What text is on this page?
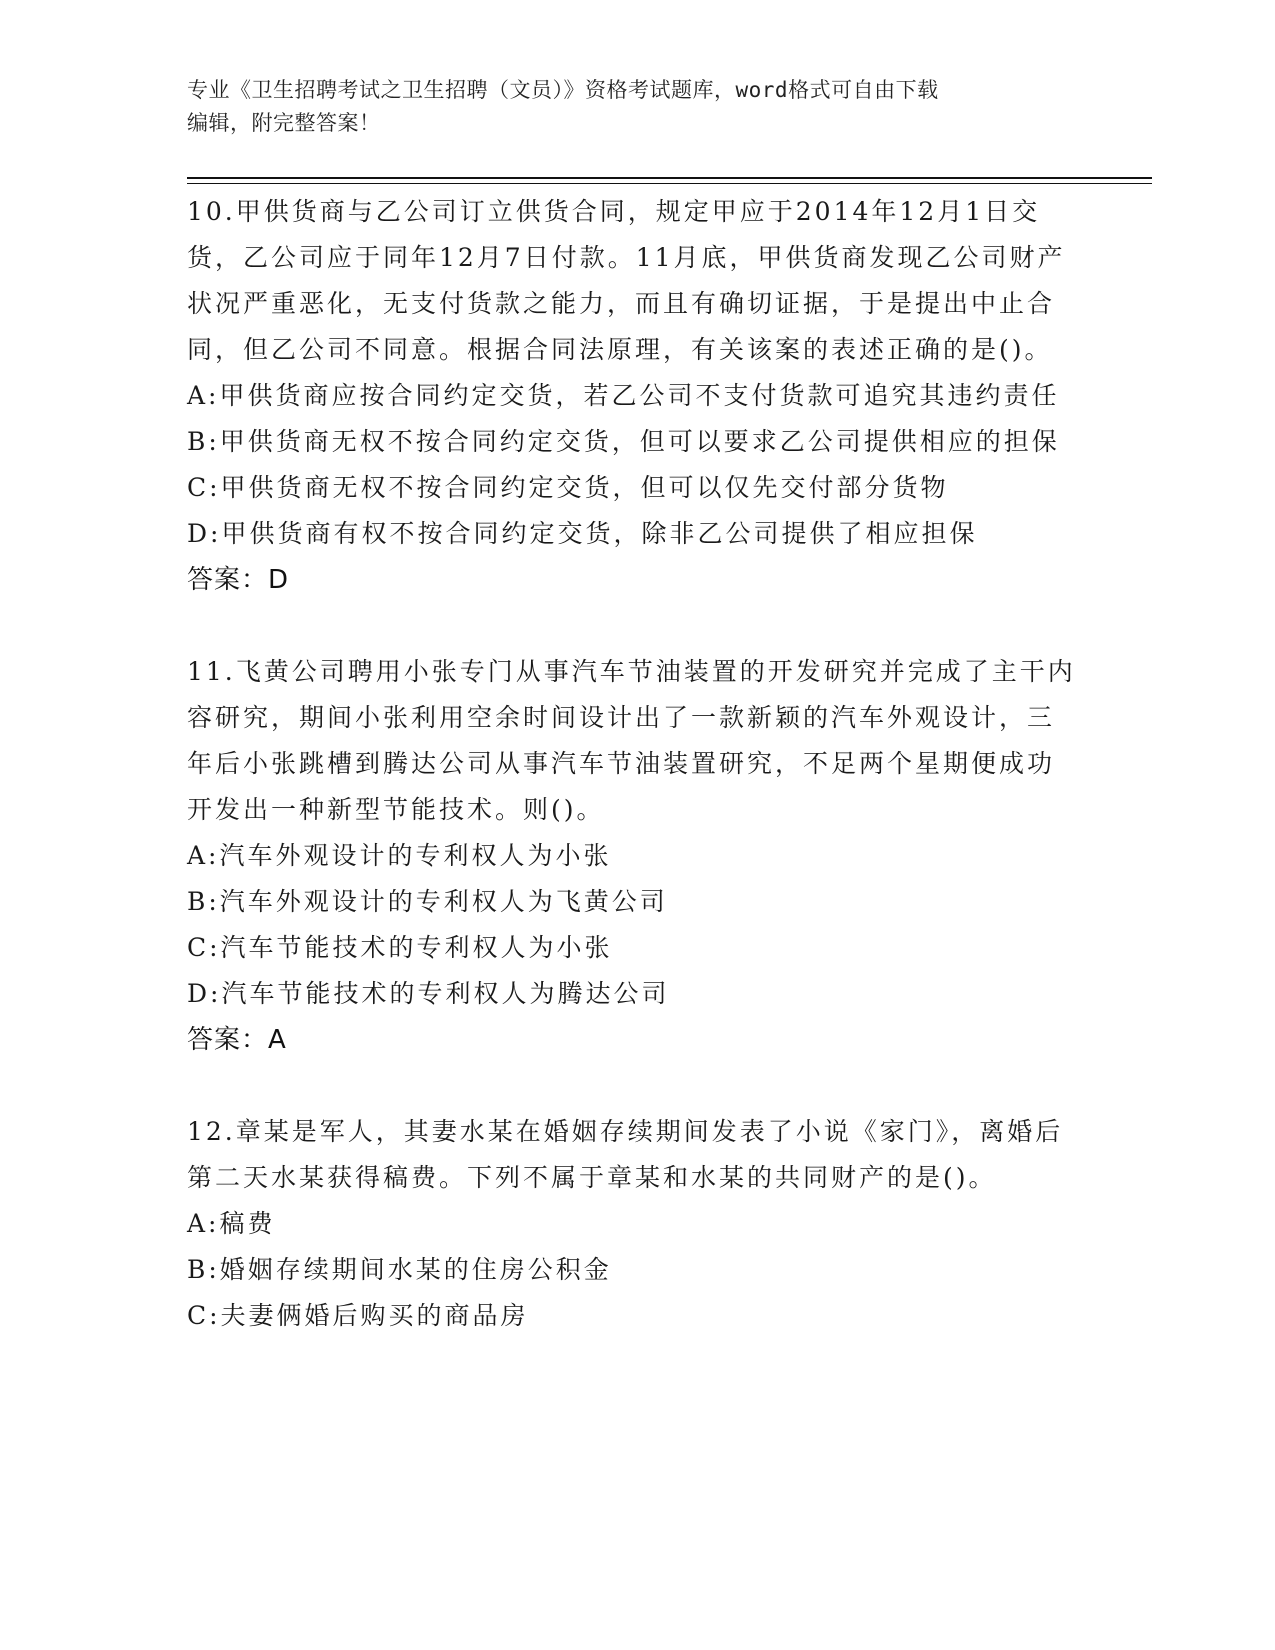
专业《卫生招聘考试之卫生招聘（文员）》资格考试题库，word格式可自由下载
编辑，附完整答案！

10.甲供货商与乙公司订立供货合同，规定甲应于2014年12月1日交货，乙公司应于同年12月7日付款。11月底，甲供货商发现乙公司财产状况严重恶化，无支付货款之能力，而且有确切证据，于是提出中止合同，但乙公司不同意。根据合同法原理，有关该案的表述正确的是()。

A:甲供货商应按合同约定交货，若乙公司不支付货款可追究其违约责任

B:甲供货商无权不按合同约定交货，但可以要求乙公司提供相应的担保

C:甲供货商无权不按合同约定交货，但可以仅先交付部分货物

D:甲供货商有权不按合同约定交货，除非乙公司提供了相应担保

答案：D

11.飞黄公司聘用小张专门从事汽车节油装置的开发研究并完成了主干内容研究，期间小张利用空余时间设计出了一款新颖的汽车外观设计，三年后小张跳槽到腾达公司从事汽车节油装置研究，不足两个星期便成功开发出一种新型节能技术。则()。

A:汽车外观设计的专利权人为小张

B:汽车外观设计的专利权人为飞黄公司

C:汽车节能技术的专利权人为小张

D:汽车节能技术的专利权人为腾达公司

答案：A

12.章某是军人，其妻水某在婚姻存续期间发表了小说《家门》，离婚后第二天水某获得稿费。下列不属于章某和水某的共同财产的是()。

A:稿费

B:婚姻存续期间水某的住房公积金

C:夫妻俩婚后购买的商品房
